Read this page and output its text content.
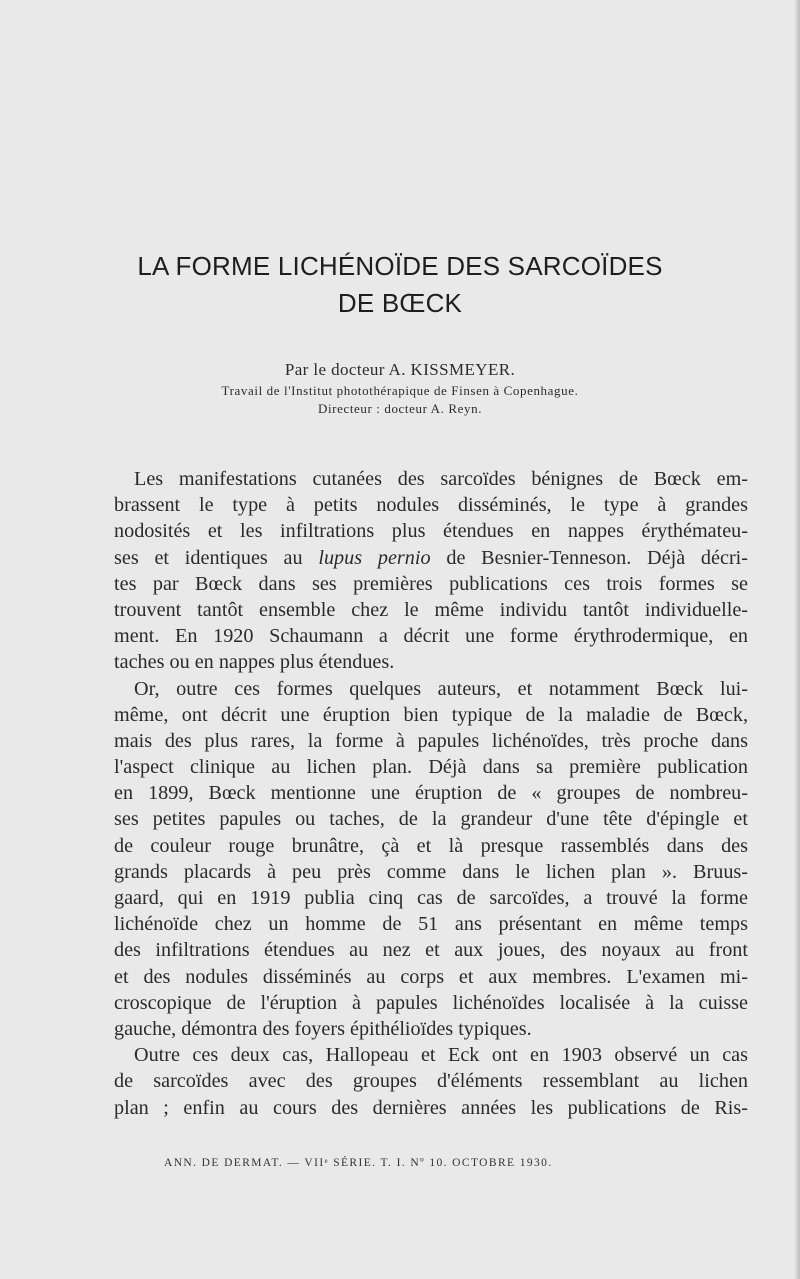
LA FORME LICHÉNOÏDE DES SARCOÏDES
DE BŒCK

Par le docteur A. KISSMEYER.

Travail de l'Institut photothérapique de Finsen à Copenhague.

Directeur : docteur A. Reyn.

Les manifestations cutanées des sarcoïdes bénignes de Bœck em-
brassent le type à petits nodules disséminés, le type à grandes
nodosités et les infiltrations plus étendues en nappes érythémateu-
ses et identiques au lupus pernio de Besnier-Tenneson. Déjà décri-
tes par Bœck dans ses premières publications ces trois formes se
trouvent tantôt ensemble chez le même individu tantôt individuelle-
ment. En 1920 Schaumann a décrit une forme érythrodermique, en
taches ou en nappes plus étendues.
Or, outre ces formes quelques auteurs, et notamment Bœck lui-
même, ont décrit une éruption bien typique de la maladie de Bœck,
mais des plus rares, la forme à papules lichénoïdes, très proche dans
l'aspect clinique au lichen plan. Déjà dans sa première publication
en 1899, Bœck mentionne une éruption de « groupes de nombreu-
ses petites papules ou taches, de la grandeur d'une tête d'épingle et
de couleur rouge brunâtre, çà et là presque rassemblés dans des
grands placards à peu près comme dans le lichen plan ». Bruus-
gaard, qui en 1919 publia cinq cas de sarcoïdes, a trouvé la forme
lichénoïde chez un homme de 51 ans présentant en même temps
des infiltrations étendues au nez et aux joues, des noyaux au front
et des nodules disséminés au corps et aux membres. L'examen mi-
croscopique de l'éruption à papules lichénoïdes localisée à la cuisse
gauche, démontra des foyers épithélioïdes typiques.
Outre ces deux cas, Hallopeau et Eck ont en 1903 observé un cas
de sarcoïdes avec des groupes d'éléments ressemblant au lichen
plan ; enfin au cours des dernières années les publications de Ris-

ANN. DE DERMAT. — VIIᵉ SÉRIE. T. I. Nº 10. OCTOBRE 1930.
